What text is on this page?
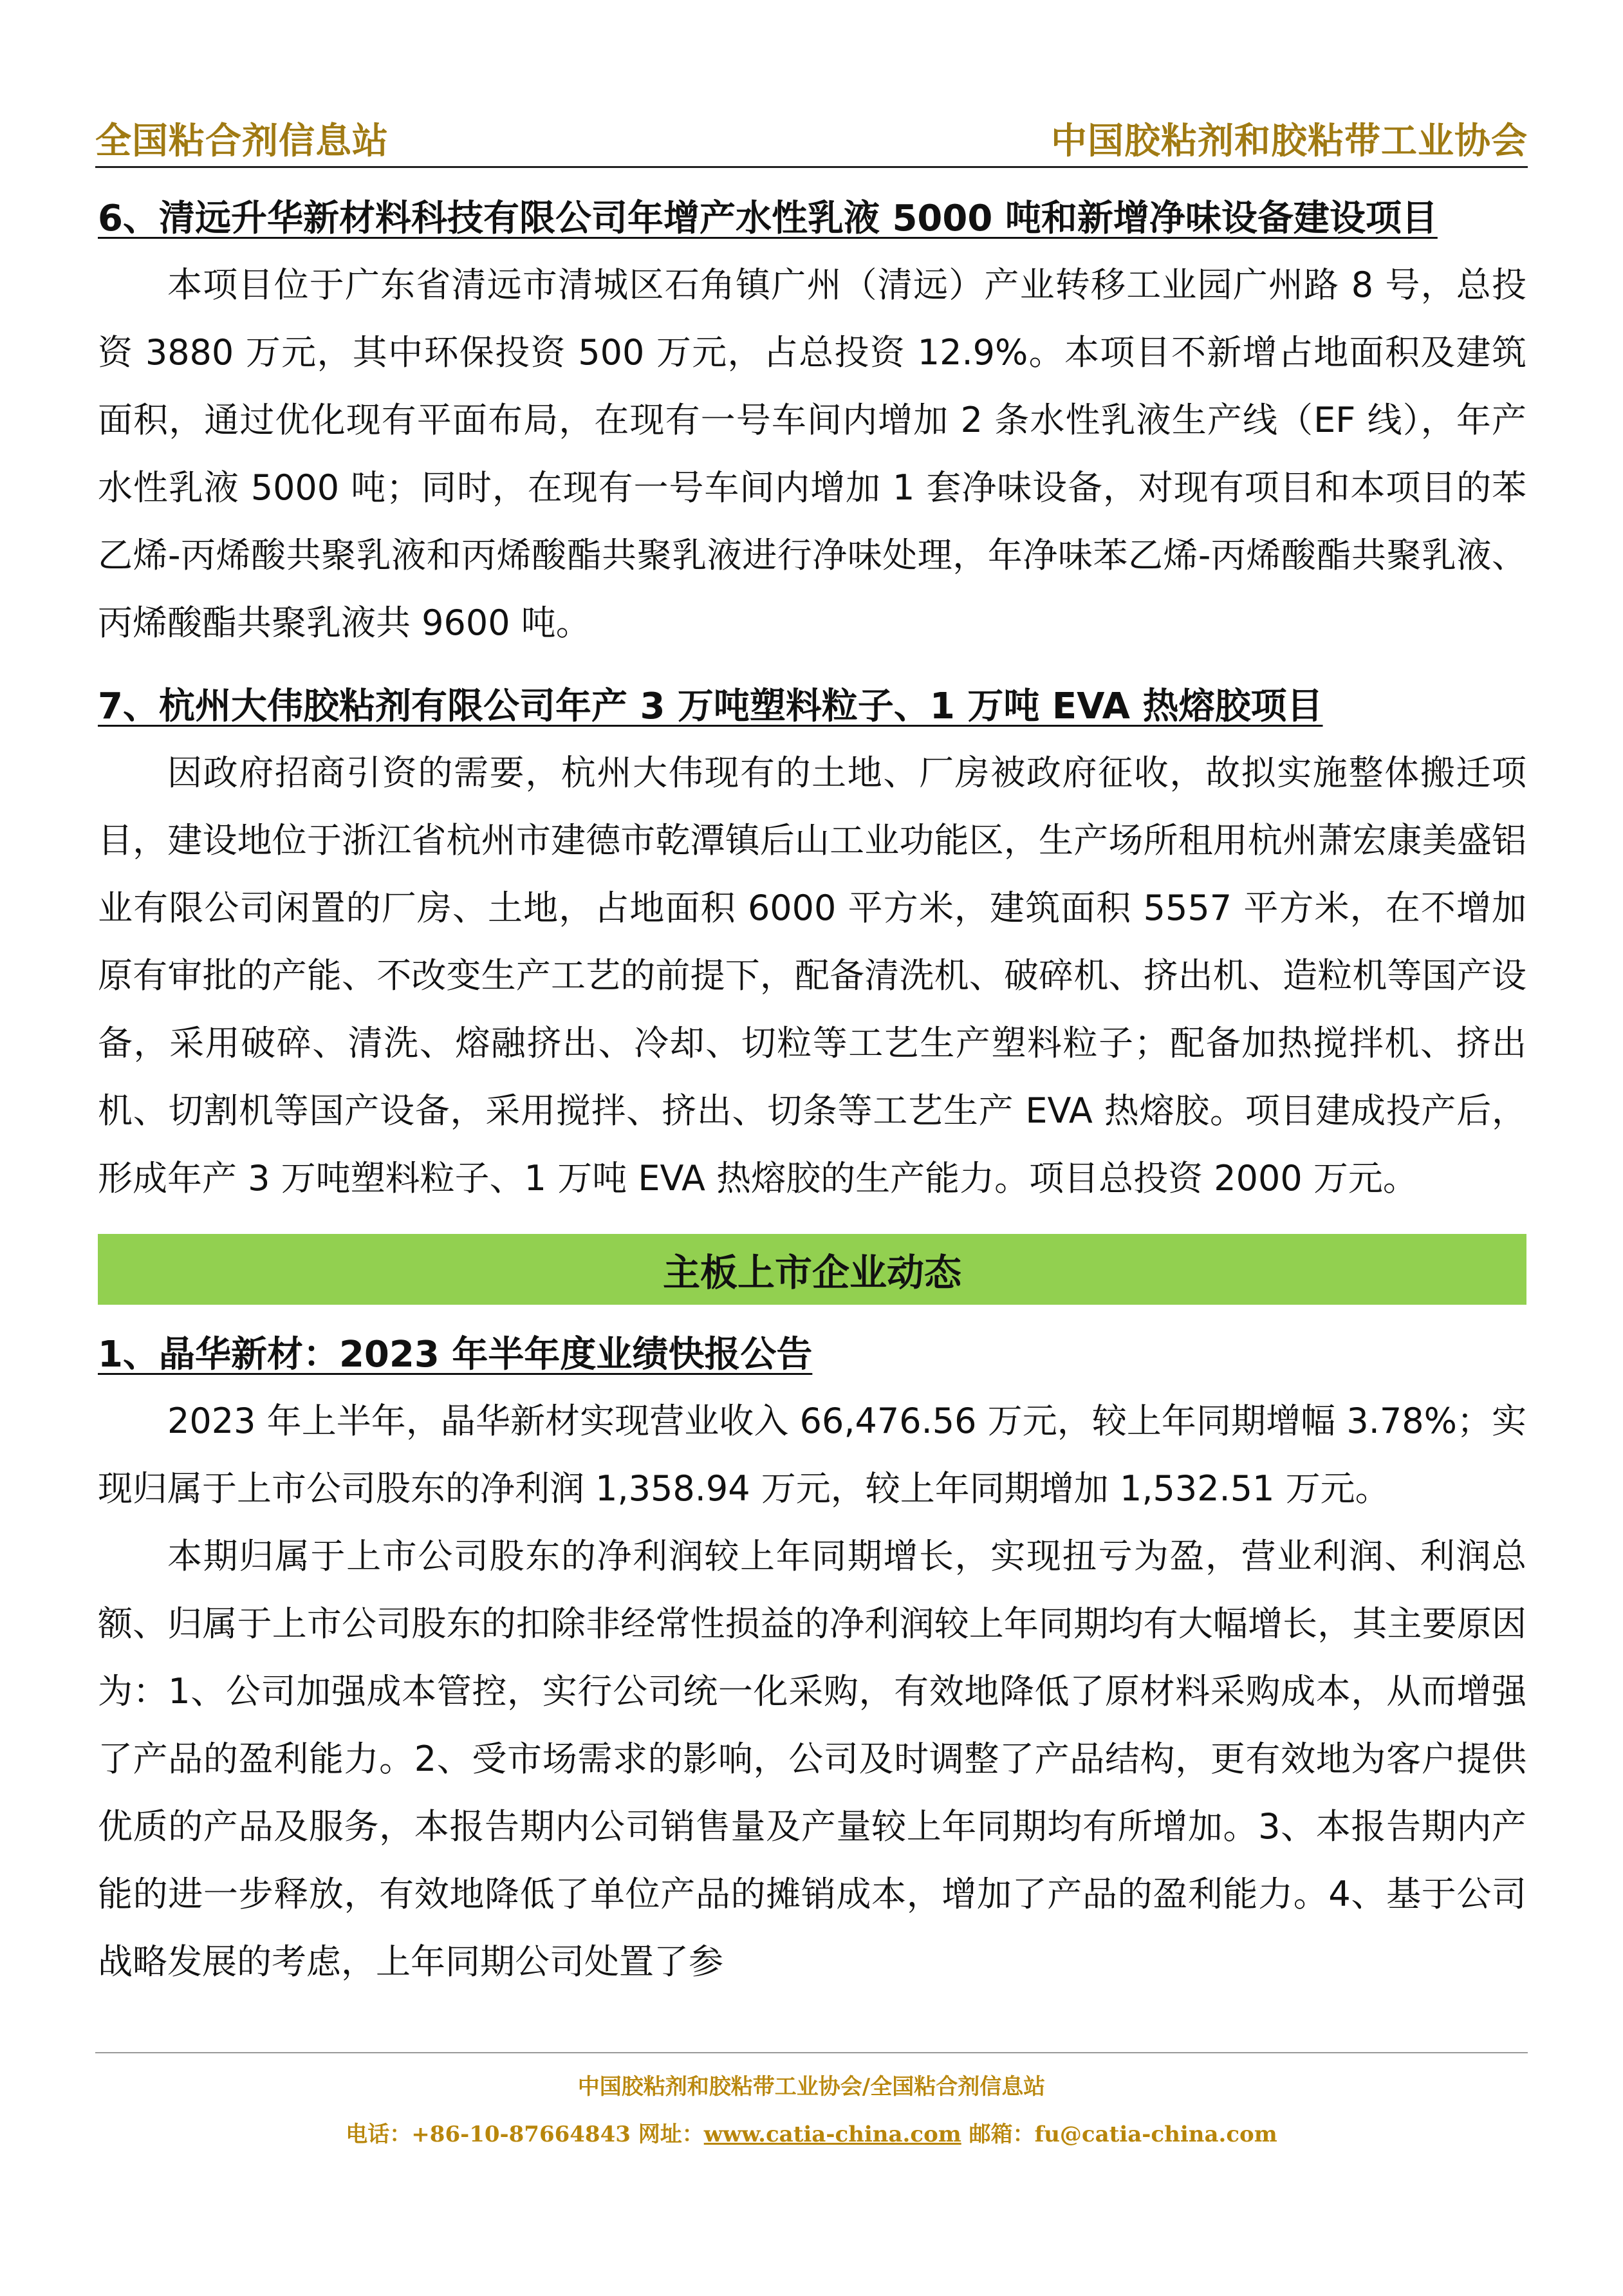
全国粘合剂信息站	中国胶粘剂和胶粘带工业协会
6、清远升华新材料科技有限公司年增产水性乳液 5000 吨和新增净味设备建设项目

本项目位于广东省清远市清城区石角镇广州（清远）产业转移工业园广州路 8 号，总投资 3880 万元，其中环保投资 500 万元，占总投资 12.9%。本项目不新增占地面积及建筑面积，通过优化现有平面布局，在现有一号车间内增加 2 条水性乳液生产线（EF 线），年产水性乳液 5000 吨；同时，在现有一号车间内增加 1 套净味设备，对现有项目和本项目的苯乙烯-丙烯酸共聚乳液和丙烯酸酯共聚乳液进行净味处理，年净味苯乙烯-丙烯酸酯共聚乳液、丙烯酸酯共聚乳液共 9600 吨。

7、杭州大伟胶粘剂有限公司年产 3 万吨塑料粒子、1 万吨 EVA 热熔胶项目

因政府招商引资的需要，杭州大伟现有的土地、厂房被政府征收，故拟实施整体搬迁项目，建设地位于浙江省杭州市建德市乾潭镇后山工业功能区，生产场所租用杭州萧宏康美盛铝业有限公司闲置的厂房、土地，占地面积 6000 平方米，建筑面积 5557 平方米，在不增加原有审批的产能、不改变生产工艺的前提下，配备清洗机、破碎机、挤出机、造粒机等国产设备，采用破碎、清洗、熔融挤出、冷却、切粒等工艺生产塑料粒子；配备加热搅拌机、挤出机、切割机等国产设备，采用搅拌、挤出、切条等工艺生产 EVA 热熔胶。项目建成投产后，形成年产 3 万吨塑料粒子、1 万吨 EVA 热熔胶的生产能力。项目总投资 2000 万元。

主板上市企业动态
1、晶华新材：2023 年半年度业绩快报公告

2023 年上半年，晶华新材实现营业收入 66,476.56 万元，较上年同期增幅 3.78%；实现归属于上市公司股东的净利润 1,358.94 万元，较上年同期增加 1,532.51 万元。

本期归属于上市公司股东的净利润较上年同期增长，实现扭亏为盈，营业利润、利润总额、归属于上市公司股东的扣除非经常性损益的净利润较上年同期均有大幅增长，其主要原因为：1、公司加强成本管控，实行公司统一化采购，有效地降低了原材料采购成本，从而增强了产品的盈利能力。2、受市场需求的影响，公司及时调整了产品结构，更有效地为客户提供优质的产品及服务，本报告期内公司销售量及产量较上年同期均有所增加。3、本报告期内产能的进一步释放，有效地降低了单位产品的摊销成本，增加了产品的盈利能力。4、基于公司战略发展的考虑，上年同期公司处置了参

中国胶粘剂和胶粘带工业协会/全国粘合剂信息站
电话：+86-10-87664843 网址：www.catia-china.com 邮箱：fu@catia-china.com
